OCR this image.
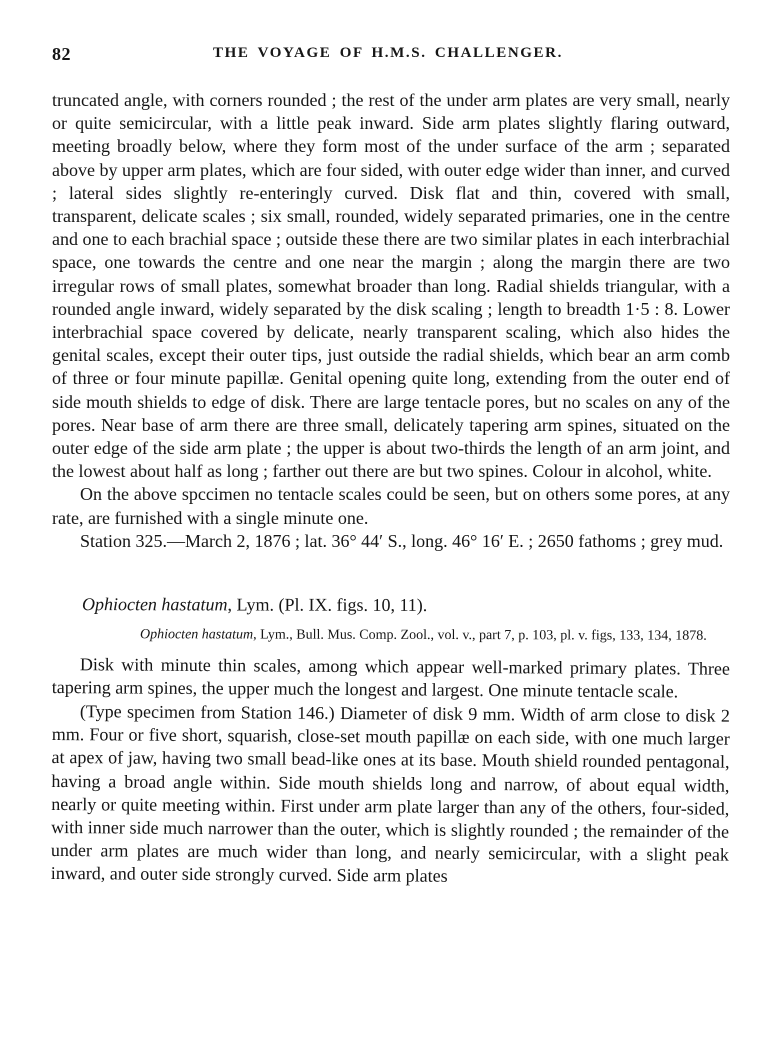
82	THE VOYAGE OF H.M.S. CHALLENGER.

truncated angle, with corners rounded ; the rest of the under arm plates are very small, nearly or quite semicircular, with a little peak inward. Side arm plates slightly flaring outward, meeting broadly below, where they form most of the under surface of the arm ; separated above by upper arm plates, which are four sided, with outer edge wider than inner, and curved ; lateral sides slightly re-enteringly curved. Disk flat and thin, covered with small, transparent, delicate scales ; six small, rounded, widely separated primaries, one in the centre and one to each brachial space ; outside these there are two similar plates in each interbrachial space, one towards the centre and one near the margin ; along the margin there are two irregular rows of small plates, somewhat broader than long. Radial shields triangular, with a rounded angle inward, widely separated by the disk scaling ; length to breadth 1·5 : 8. Lower interbrachial space covered by delicate, nearly transparent scaling, which also hides the genital scales, except their outer tips, just outside the radial shields, which bear an arm comb of three or four minute papillæ. Genital opening quite long, extending from the outer end of side mouth shields to edge of disk. There are large tentacle pores, but no scales on any of the pores. Near base of arm there are three small, delicately tapering arm spines, situated on the outer edge of the side arm plate ; the upper is about two-thirds the length of an arm joint, and the lowest about half as long ; farther out there are but two spines. Colour in alcohol, white.

On the above spccimen no tentacle scales could be seen, but on others some pores, at any rate, are furnished with a single minute one.

Station 325.—March 2, 1876 ; lat. 36° 44′ S., long. 46° 16′ E. ; 2650 fathoms ; grey mud.

Ophiocten hastatum, Lym. (Pl. IX. figs. 10, 11).

Ophiocten hastatum, Lym., Bull. Mus. Comp. Zool., vol. v., part 7, p. 103, pl. v. figs, 133, 134, 1878.

Disk with minute thin scales, among which appear well-marked primary plates. Three tapering arm spines, the upper much the longest and largest. One minute tentacle scale.

(Type specimen from Station 146.) Diameter of disk 9 mm. Width of arm close to disk 2 mm. Four or five short, squarish, close-set mouth papillæ on each side, with one much larger at apex of jaw, having two small bead-like ones at its base. Mouth shield rounded pentagonal, having a broad angle within. Side mouth shields long and narrow, of about equal width, nearly or quite meeting within. First under arm plate larger than any of the others, four-sided, with inner side much narrower than the outer, which is slightly rounded ; the remainder of the under arm plates are much wider than long, and nearly semicircular, with a slight peak inward, and outer side strongly curved. Side arm plates
